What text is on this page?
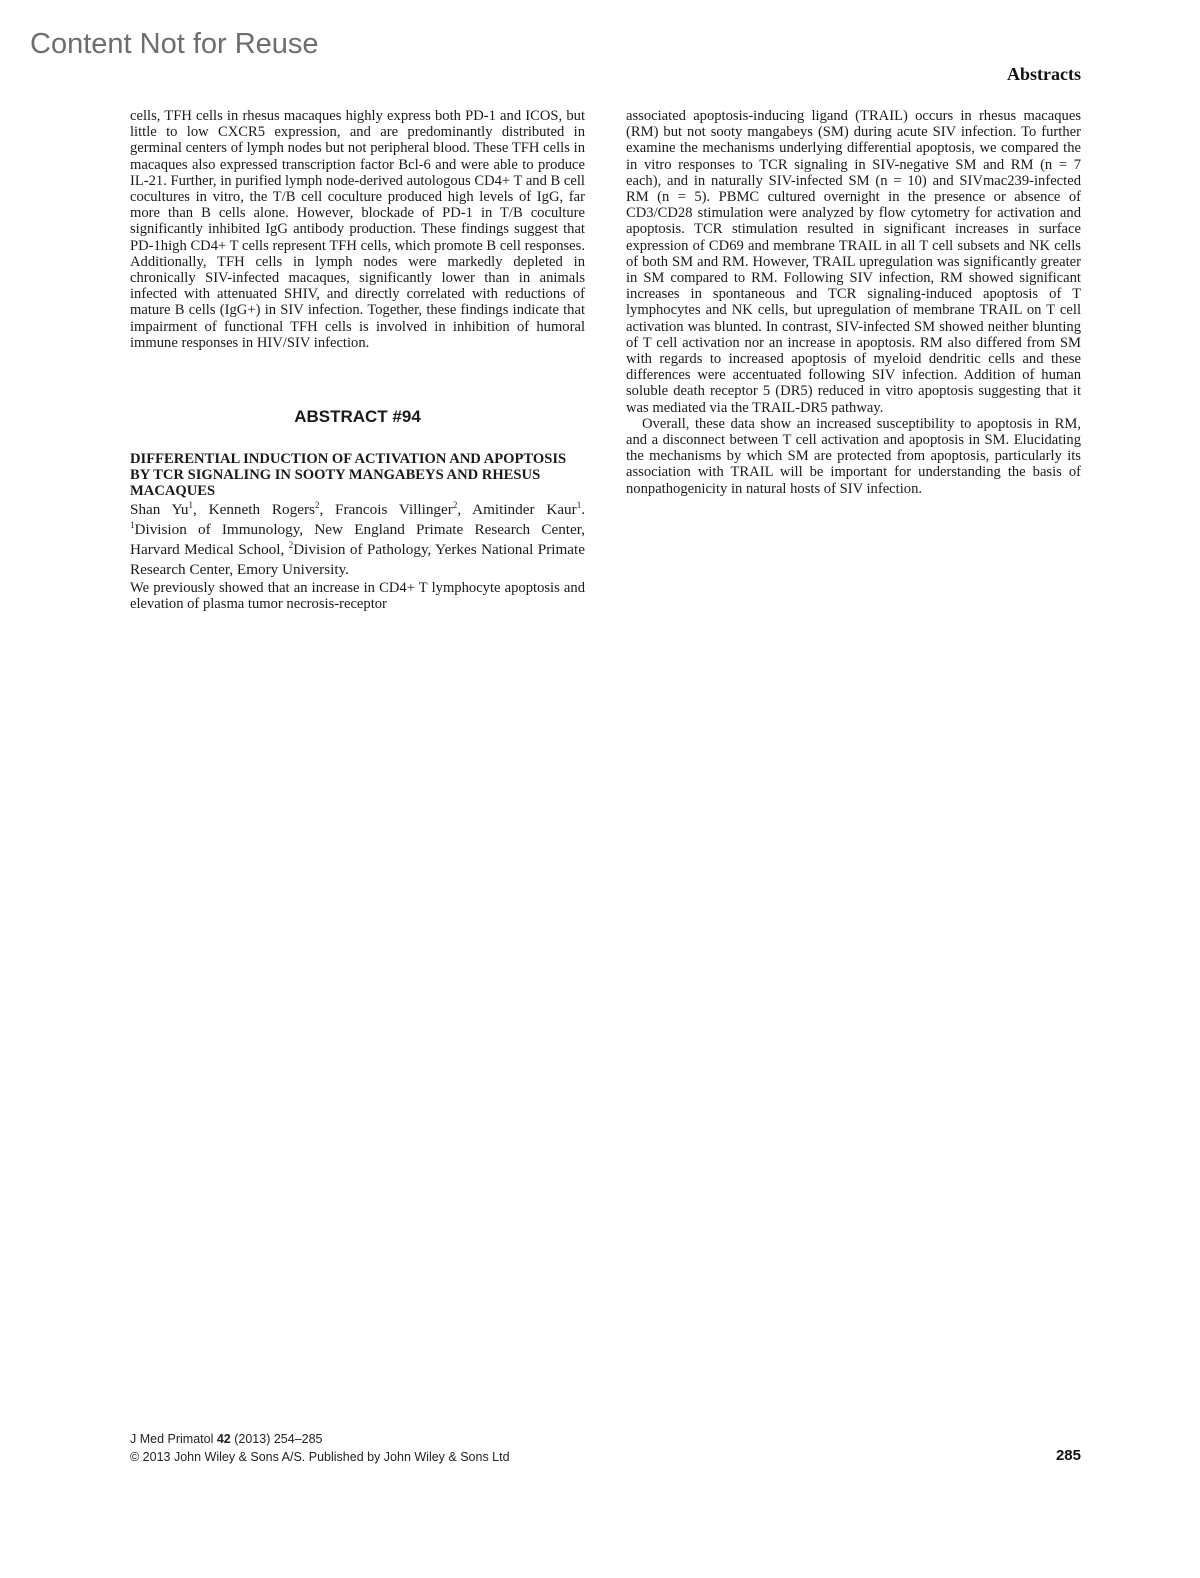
Content Not for Reuse
Abstracts

cells, TFH cells in rhesus macaques highly express both PD-1 and ICOS, but little to low CXCR5 expression, and are predominantly distributed in germinal centers of lymph nodes but not peripheral blood. These TFH cells in macaques also expressed transcription factor Bcl-6 and were able to produce IL-21. Further, in purified lymph node-derived autologous CD4+ T and B cell cocultures in vitro, the T/B cell coculture produced high levels of IgG, far more than B cells alone. However, blockade of PD-1 in T/B coculture significantly inhibited IgG antibody production. These findings suggest that PD-1high CD4+ T cells represent TFH cells, which promote B cell responses. Additionally, TFH cells in lymph nodes were markedly depleted in chronically SIV-infected macaques, significantly lower than in animals infected with attenuated SHIV, and directly correlated with reductions of mature B cells (IgG+) in SIV infection. Together, these findings indicate that impairment of functional TFH cells is involved in inhibition of humoral immune responses in HIV/SIV infection.

ABSTRACT #94
DIFFERENTIAL INDUCTION OF ACTIVATION AND APOPTOSIS BY TCR SIGNALING IN SOOTY MANGABEYS AND RHESUS MACAQUES

Shan Yu$^1$, Kenneth Rogers$^2$, Francois Villinger$^2$, Amitinder Kaur$^1$. $^1$Division of Immunology, New England Primate Research Center, Harvard Medical School, $^2$Division of Pathology, Yerkes National Primate Research Center, Emory University.

We previously showed that an increase in CD4+ T lymphocyte apoptosis and elevation of plasma tumor necrosis-receptor

associated apoptosis-inducing ligand (TRAIL) occurs in rhesus macaques (RM) but not sooty mangabeys (SM) during acute SIV infection. To further examine the mechanisms underlying differential apoptosis, we compared the in vitro responses to TCR signaling in SIV-negative SM and RM (n = 7 each), and in naturally SIV-infected SM (n = 10) and SIVmac239-infected RM (n = 5). PBMC cultured overnight in the presence or absence of CD3/CD28 stimulation were analyzed by flow cytometry for activation and apoptosis. TCR stimulation resulted in significant increases in surface expression of CD69 and membrane TRAIL in all T cell subsets and NK cells of both SM and RM. However, TRAIL upregulation was significantly greater in SM compared to RM. Following SIV infection, RM showed significant increases in spontaneous and TCR signaling-induced apoptosis of T lymphocytes and NK cells, but upregulation of membrane TRAIL on T cell activation was blunted. In contrast, SIV-infected SM showed neither blunting of T cell activation nor an increase in apoptosis. RM also differed from SM with regards to increased apoptosis of myeloid dendritic cells and these differences were accentuated following SIV infection. Addition of human soluble death receptor 5 (DR5) reduced in vitro apoptosis suggesting that it was mediated via the TRAIL-DR5 pathway.

Overall, these data show an increased susceptibility to apoptosis in RM, and a disconnect between T cell activation and apoptosis in SM. Elucidating the mechanisms by which SM are protected from apoptosis, particularly its association with TRAIL will be important for understanding the basis of nonpathogenicity in natural hosts of SIV infection.

J Med Primatol 42 (2013) 254–285
© 2013 John Wiley & Sons A/S. Published by John Wiley & Sons Ltd	285
